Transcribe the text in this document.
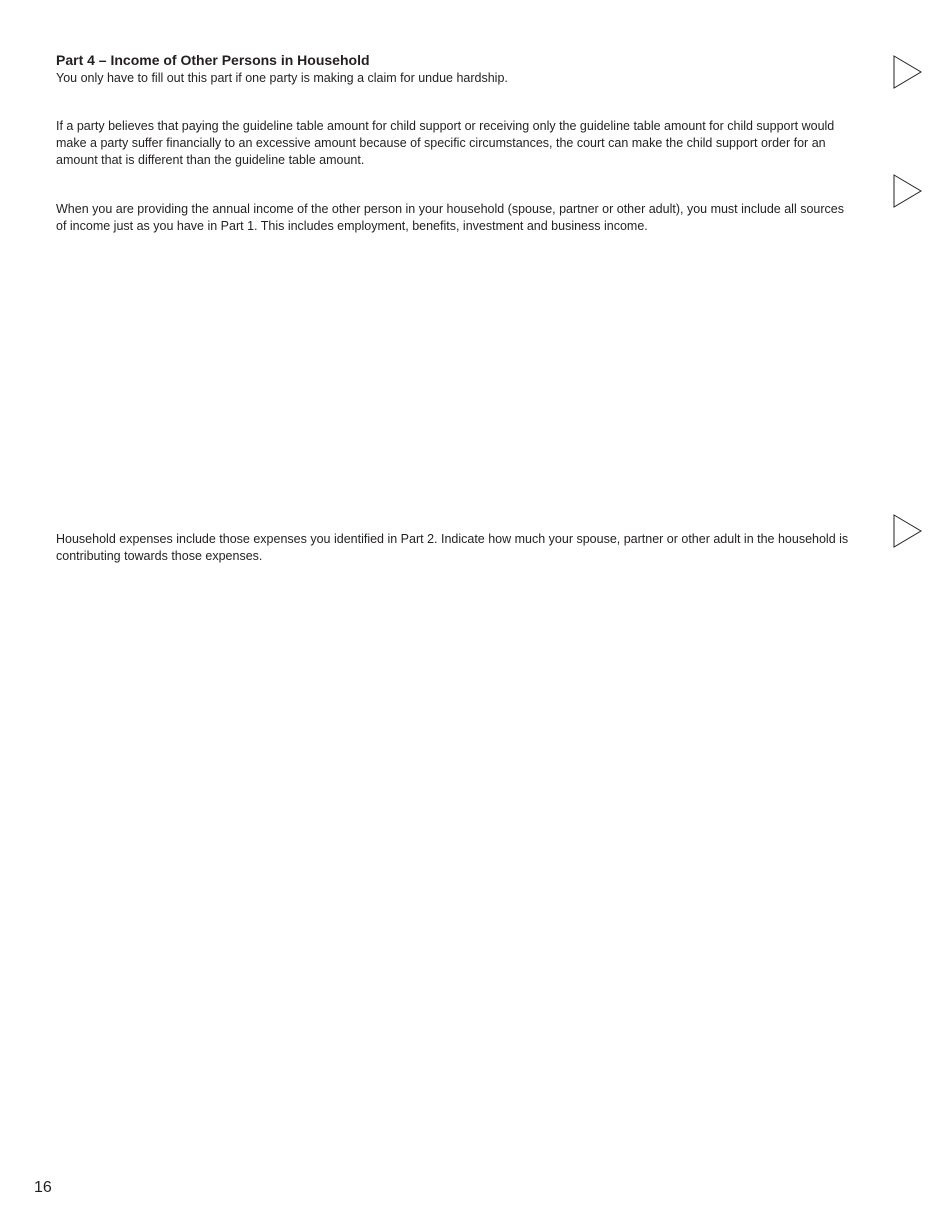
Part 4 – Income of Other Persons in Household

You only have to fill out this part if one party is making a claim for undue hardship.

If a party believes that paying the guideline table amount for child support or receiving only the guideline table amount for child support would make a party suffer financially to an excessive amount because of specific circumstances, the court can make the child support order for an amount that is different than the guideline table amount.

When you are providing the annual income of the other person in your household (spouse, partner or other adult), you must include all sources of income just as you have in Part 1. This includes employment, benefits, investment and business income.

Household expenses include those expenses you identified in Part 2. Indicate how much your spouse, partner or other adult in the household is contributing towards those expenses.

16
